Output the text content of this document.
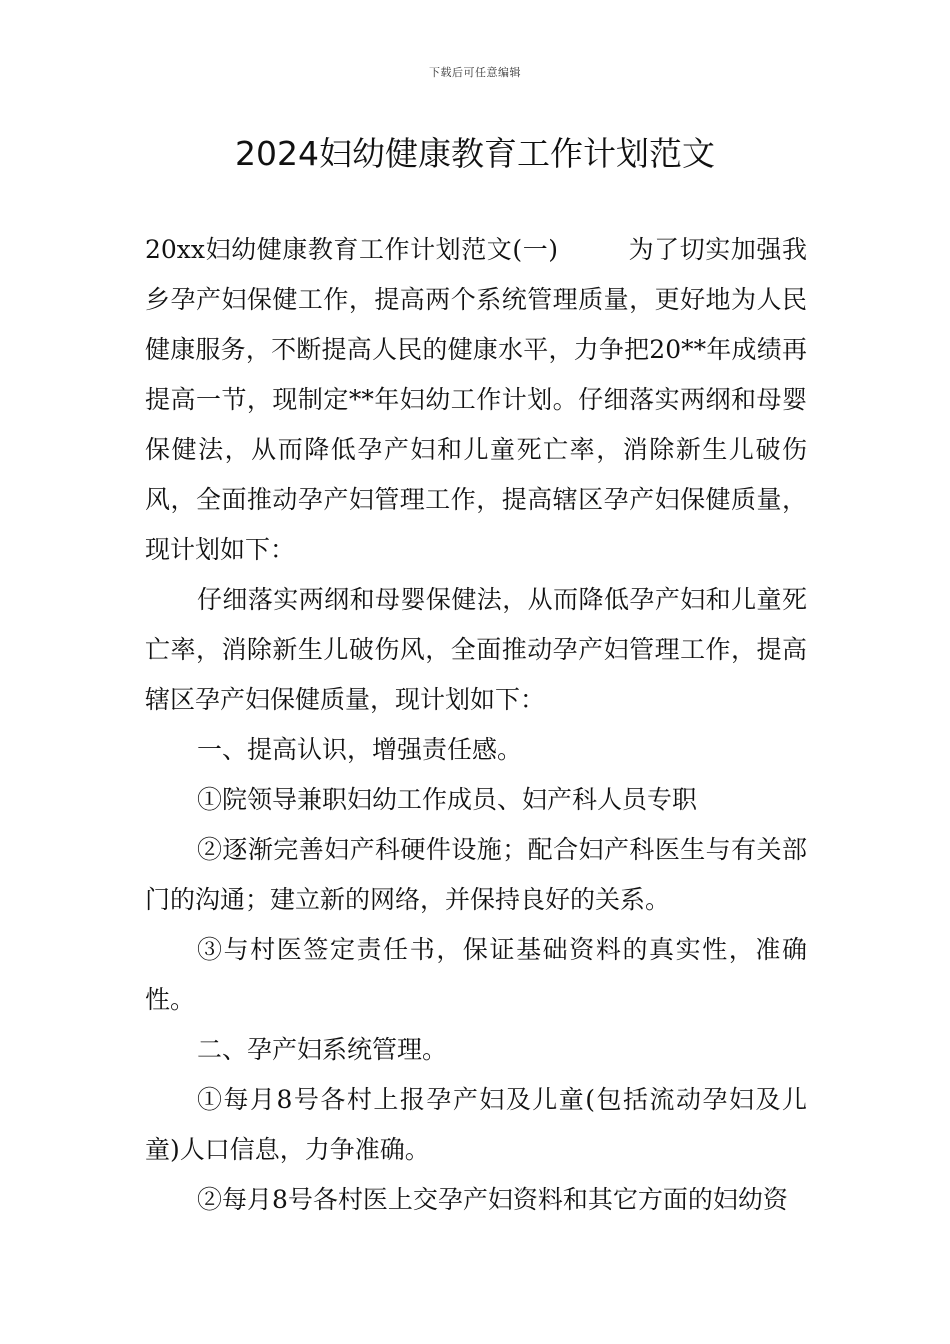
下载后可任意编辑
2024妇幼健康教育工作计划范文

20xx妇幼健康教育工作计划范文(一)	为了切实加强我乡孕产妇保健工作，提高两个系统管理质量，更好地为人民健康服务，不断提高人民的健康水平，力争把20**年成绩再提高一节，现制定**年妇幼工作计划。仔细落实两纲和母婴保健法，从而降低孕产妇和儿童死亡率，消除新生儿破伤风，全面推动孕产妇管理工作，提高辖区孕产妇保健质量，现计划如下：

仔细落实两纲和母婴保健法，从而降低孕产妇和儿童死亡率，消除新生儿破伤风，全面推动孕产妇管理工作，提高辖区孕产妇保健质量，现计划如下：

一、提高认识，增强责任感。

①院领导兼职妇幼工作成员、妇产科人员专职

②逐渐完善妇产科硬件设施；配合妇产科医生与有关部门的沟通；建立新的网络，并保持良好的关系。

③与村医签定责任书，保证基础资料的真实性，准确性。

二、孕产妇系统管理。

①每月8号各村上报孕产妇及儿童(包括流动孕妇及儿童)人口信息，力争准确。

②每月8号各村医上交孕产妇资料和其它方面的妇幼资
